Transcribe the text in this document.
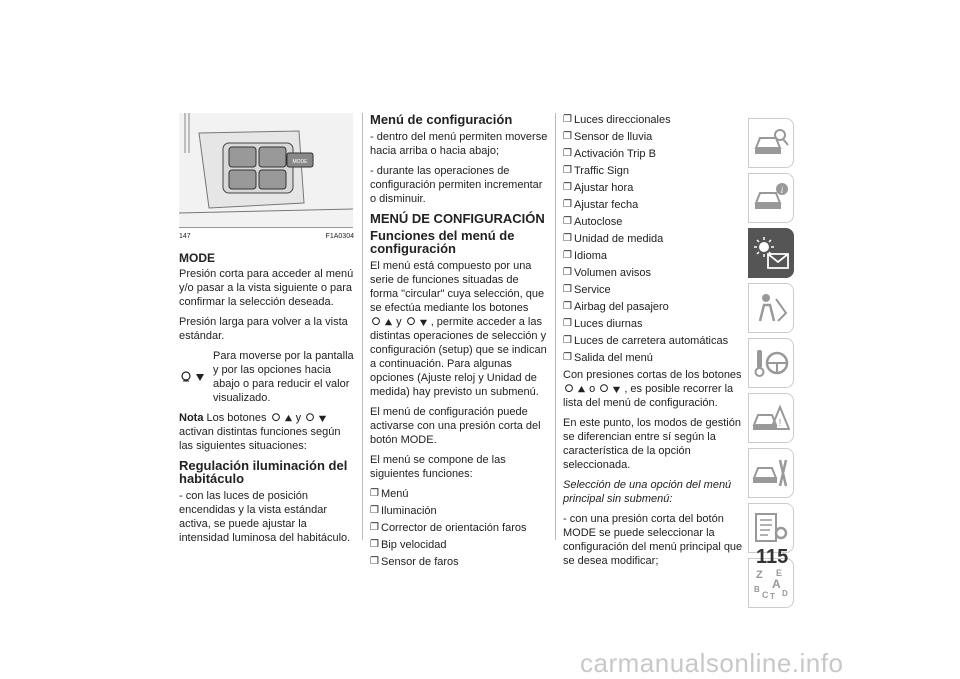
MODE
147	F1A0304
MODE

Presión corta para acceder al menú y/o pasar a la vista siguiente o para confirmar la selección deseada.

Presión larga para volver a la vista estándar.

Para moverse por la pantalla y por las opciones hacia abajo o para reducir el valor visualizado.

Nota Los botones	y
activan distintas funciones según las siguientes situaciones:

Regulación iluminación del habitáculo

- con las luces de posición encendidas y la vista estándar activa, se puede ajustar la intensidad luminosa del habitáculo.

Menú de configuración

- dentro del menú permiten moverse hacia arriba o hacia abajo;

- durante las operaciones de configuración permiten incrementar o disminuir.

MENÚ DE CONFIGURACIÓN
Funciones del menú de configuración

El menú está compuesto por una serie de funciones situadas de forma "circular" cuya selección, que se efectúa mediante los botones
y	, permite acceder a las distintas operaciones de selección y configuración (setup) que se indican a continuación. Para algunas opciones (Ajuste reloj y Unidad de medida) hay previsto un submenú.

El menú de configuración puede activarse con una presión corta del botón MODE.

El menú se compone de las siguientes funciones:

❐ Menú
❐ Iluminación
❐ Corrector de orientación faros
❐ Bip velocidad
❐ Sensor de faros
❐ Luces direccionales
❐ Sensor de lluvia
❐ Activación Trip B
❐ Traffic Sign
❐ Ajustar hora
❐ Ajustar fecha
❐ Autoclose
❐ Unidad de medida
❐ Idioma
❐ Volumen avisos
❐ Service
❐ Airbag del pasajero
❐ Luces diurnas
❐ Luces de carretera automáticas
❐ Salida del menú

Con presiones cortas de los botones

o	, es posible recorrer la lista del menú de configuración.

En este punto, los modos de gestión se diferencian entre sí según la característica de la opción seleccionada.

Selección de una opción del menú principal sin submenú:

- con una presión corta del botón MODE se puede seleccionar la configuración del menú principal que se desea modificar;

i
!
Z E
B A
C T D
115
carmanualsonline.info
